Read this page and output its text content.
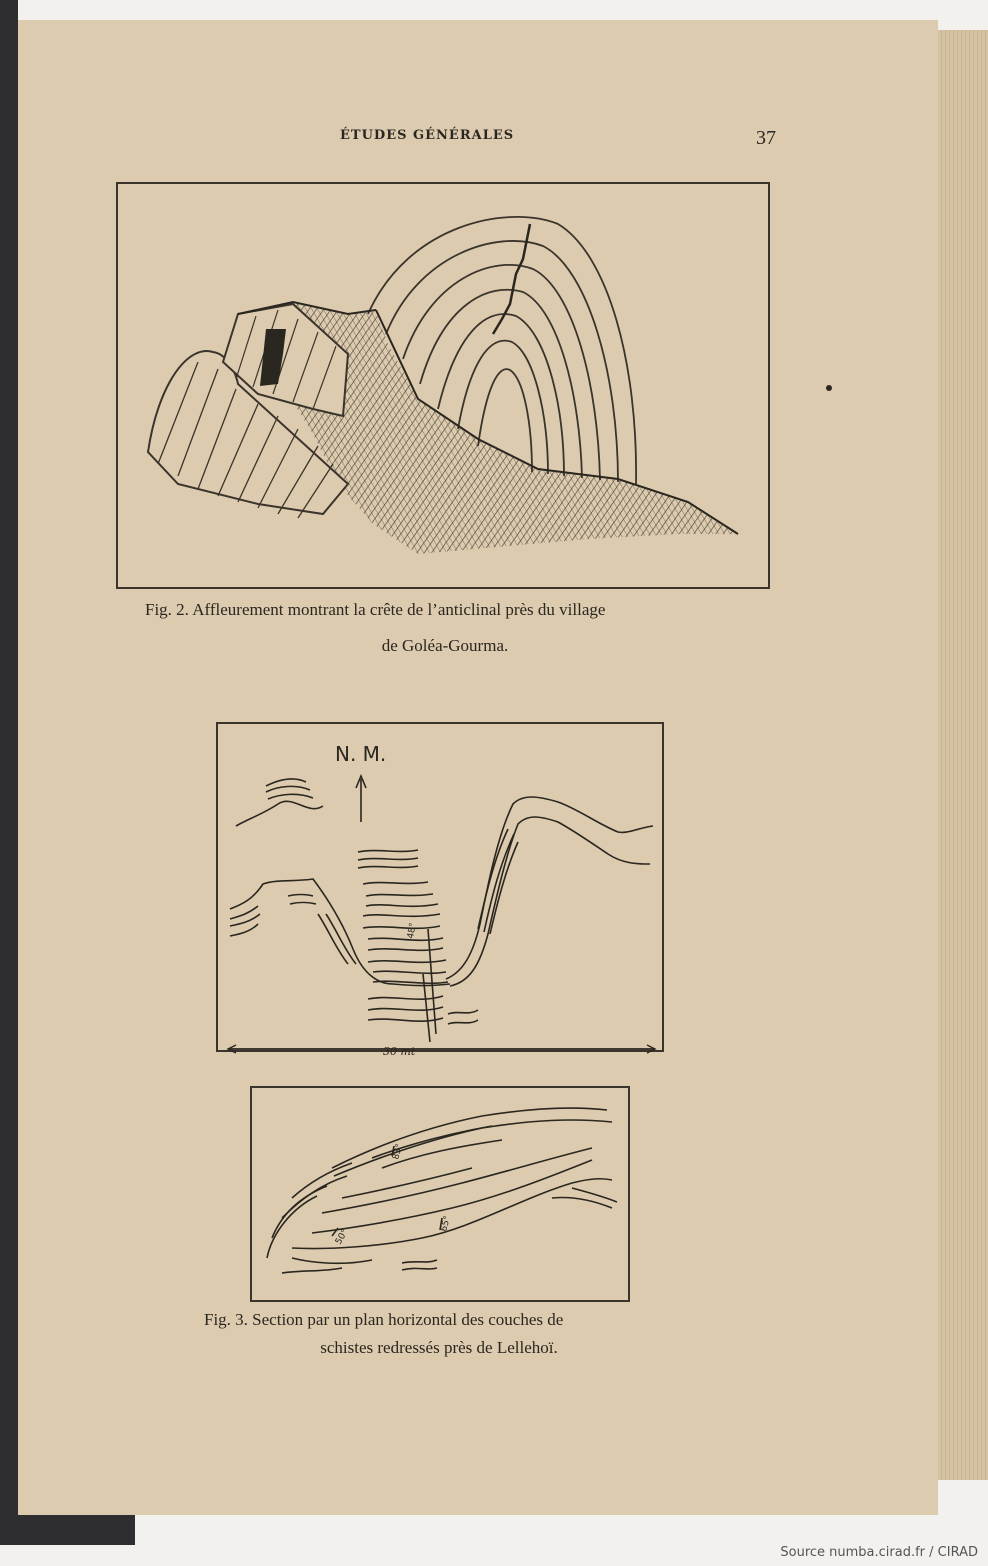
ÉTUDES GÉNÉRALES	37
Fig. 2. Affleurement montrant la crête de l’anticlinal près du village
de Goléa-Gourma.
48°
N. M.
30 mt
83°
65°
50°
Fig. 3. Section par un plan horizontal des couches de
schistes redressés près de Lellehoï.
Source numba.cirad.fr / CIRAD
